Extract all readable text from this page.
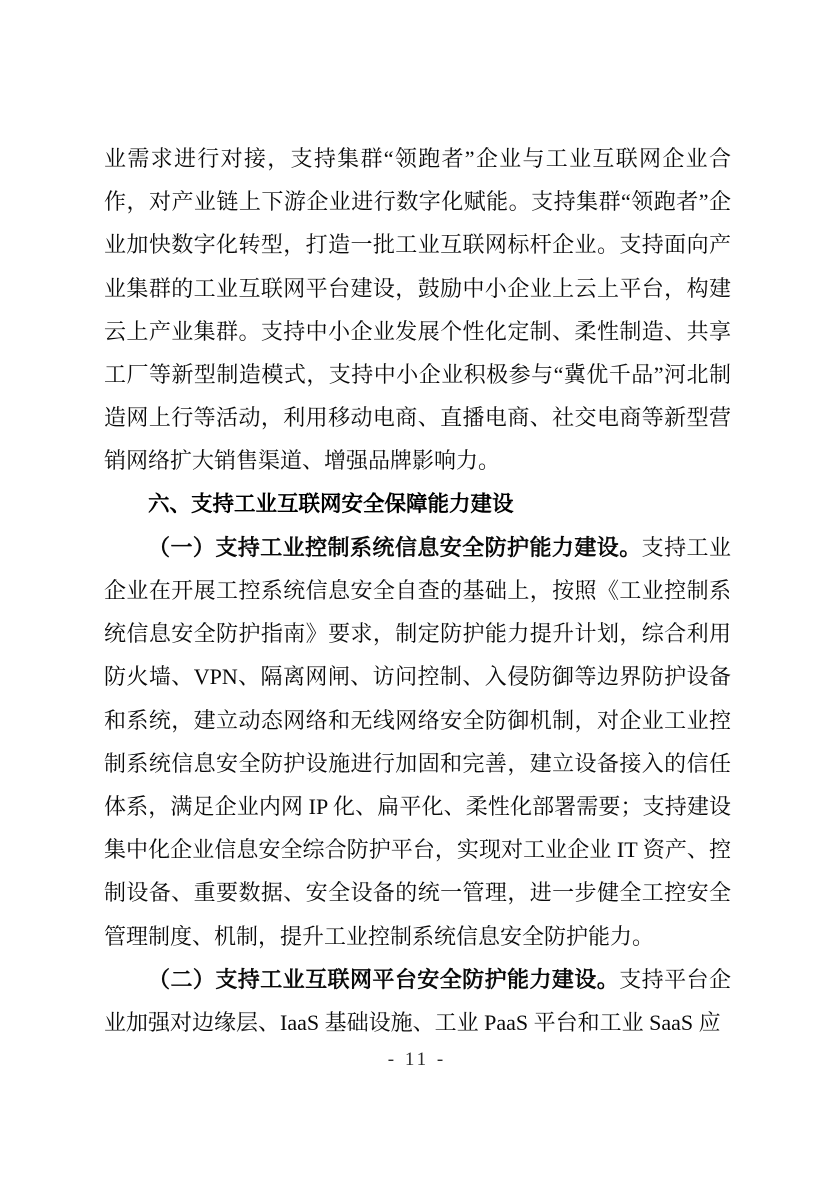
业需求进行对接，支持集群“领跑者”企业与工业互联网企业合作，对产业链上下游企业进行数字化赋能。支持集群“领跑者”企业加快数字化转型，打造一批工业互联网标杆企业。支持面向产业集群的工业互联网平台建设，鼓励中小企业上云上平台，构建云上产业集群。支持中小企业发展个性化定制、柔性制造、共享工厂等新型制造模式，支持中小企业积极参与“冀优千品”河北制造网上行等活动，利用移动电商、直播电商、社交电商等新型营销网络扩大销售渠道、增强品牌影响力。

六、支持工业互联网安全保障能力建设

（一）支持工业控制系统信息安全防护能力建设。支持工业企业在开展工控系统信息安全自查的基础上，按照《工业控制系统信息安全防护指南》要求，制定防护能力提升计划，综合利用防火墙、VPN、隔离网闸、访问控制、入侵防御等边界防护设备和系统，建立动态网络和无线网络安全防御机制，对企业工业控制系统信息安全防护设施进行加固和完善，建立设备接入的信任体系，满足企业内网 IP 化、扁平化、柔性化部署需要；支持建设集中化企业信息安全综合防护平台，实现对工业企业 IT 资产、控制设备、重要数据、安全设备的统一管理，进一步健全工控安全管理制度、机制，提升工业控制系统信息安全防护能力。

（二）支持工业互联网平台安全防护能力建设。支持平台企业加强对边缘层、IaaS 基础设施、工业 PaaS 平台和工业 SaaS 应

- 11 -
